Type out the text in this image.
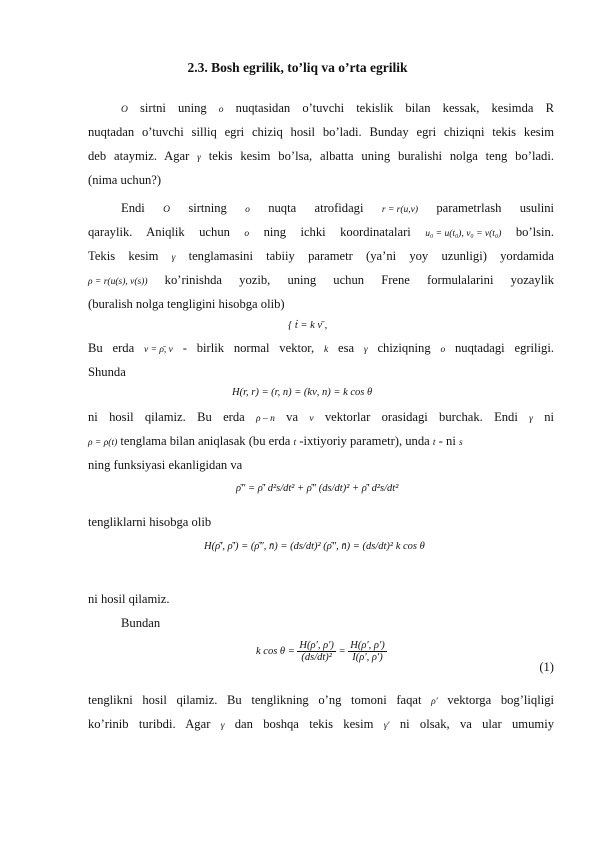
2.3. Bosh egrilik, to’liq va o’rta egrilik
O sirtni uning o nuqtasidan o’tuvchi tekislik bilan kessak, kesimda R
nuqtadan o’tuvchi silliq egri chiziq hosil bo’ladi. Bunday egri chiziqni tekis kesim
deb ataymiz. Agar γ tekis kesim bo’lsa, albatta uning buralishi nolga teng bo’ladi.
(nima uchun?)
Endi O sirtning o nuqta atrofidagi r = r(u,v) parametrlash usulini
qaraylik. Aniqlik uchun o ning ichki koordinatalari u₀ = u(t₀), v₀ = v(t₀) bo’lsin.
Tekis kesim γ tenglamasini tabiiy parametr (ya’ni yoy uzunligi) yordamida
ρ = r(u(s), v(s)) ko’rinishda yozib, uning uchun Frene formulalarini yozaylik
(buralish nolga tengligini hisobga olib)
{ ṫ = k ν̄ ,
Bu erda ν = ρ̄, ν - birlik normal vektor, k esa γ chiziqning o nuqtadagi egriligi.
Shunda
H(r, r) = (r, n) = (kν, n) = k cos θ
ni hosil qilamiz. Bu erda ρ – n va ν vektorlar orasidagi burchak. Endi γ ni
ρ = ρ(t) tenglama bilan aniqlasak (bu erda t -iхtiyoriy parametr), unda t - ni s
ning funksiyasi ekanligidan va
ρ̄″ = ρ̄′ d²s/dt² + ρ̄″ (ds/dt)² + ρ̄′ d²s/dt²
tengliklarni hisobga olib
H(ρ̄′, ρ̄′) = (ρ̄″, n̄) = (ds/dt)² (ρ̄″, n̄) = (ds/dt)² k cos θ
ni hosil qilamiz.
Bundan
k $\cos \theta = \frac{H(\rho', \rho')}{\text{(ds/dt)²}} = \frac{H(\rho', \rho')}{I(\rho', \rho')}$
(1)
tenglikni hosil qilamiz. Bu tenglikning o’ng tomoni faqat ρ′ vektorga bog’liqligi
ko’rinib turibdi. Agar γ dan boshqa tekis kesim γ′ ni olsak, va ular umumiy
